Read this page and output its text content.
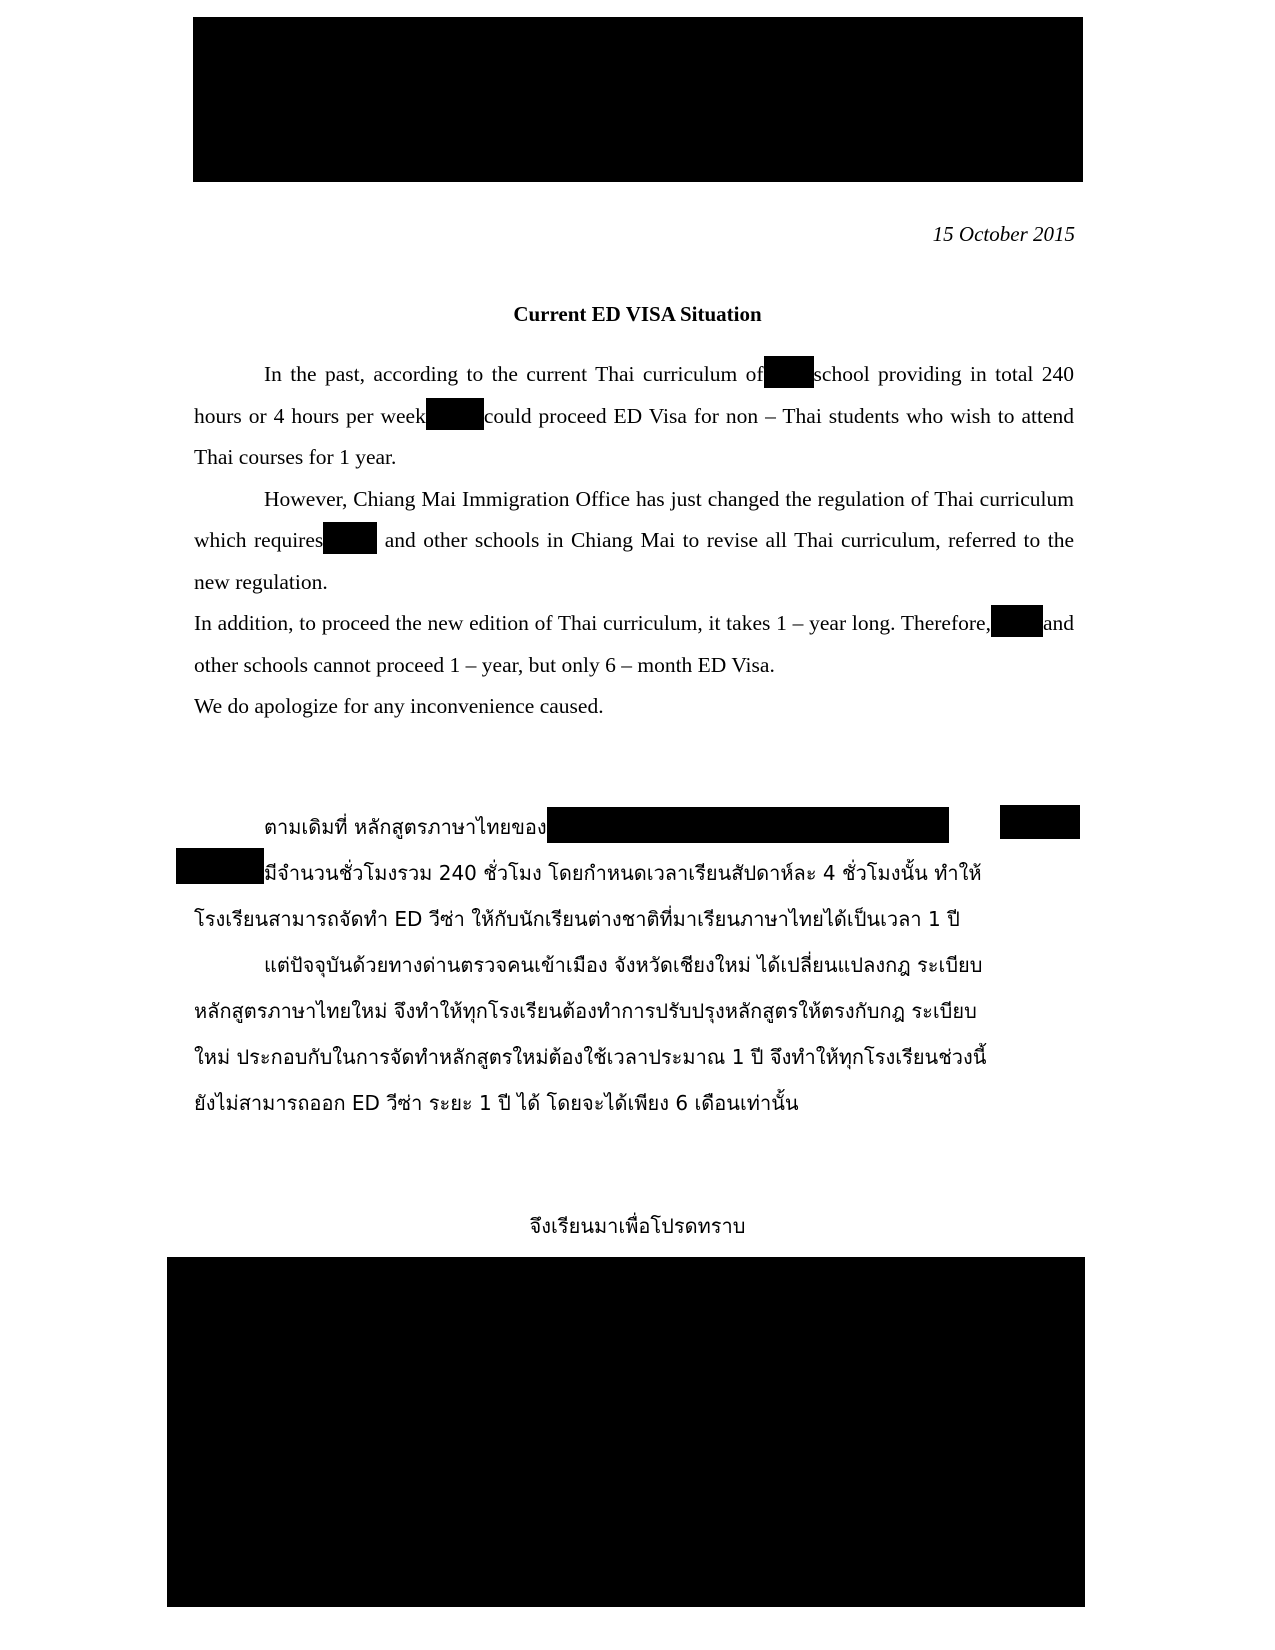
15 October 2015
Current ED VISA Situation

In the past, according to the current Thai curriculum of school providing in total 240 hours or 4 hours per week	could proceed ED Visa for non – Thai students who wish to attend Thai courses for 1 year.

However, Chiang Mai Immigration Office has just changed the regulation of Thai curriculum which requires	and other schools in Chiang Mai to revise all Thai curriculum, referred to the new regulation.

In addition, to proceed the new edition of Thai curriculum, it takes 1 – year long. Therefore, and other schools cannot proceed 1 – year, but only 6 – month ED Visa.
We do apologize for any inconvenience caused.

ตามเดิมที่ หลักสูตรภาษาไทยของ

มีจำนวนชั่วโมงรวม 240 ชั่วโมง โดยกำหนดเวลาเรียนสัปดาห์ละ 4 ชั่วโมงนั้น ทำให้

โรงเรียนสามารถจัดทำ ED วีซ่า ให้กับนักเรียนต่างชาติที่มาเรียนภาษาไทยได้เป็นเวลา 1 ปี

แต่ปัจจุบันด้วยทางด่านตรวจคนเข้าเมือง จังหวัดเชียงใหม่ ได้เปลี่ยนแปลงกฎ ระเบียบ

หลักสูตรภาษาไทยใหม่ จึงทำให้ทุกโรงเรียนต้องทำการปรับปรุงหลักสูตรให้ตรงกับกฎ ระเบียบ

ใหม่ ประกอบกับในการจัดทำหลักสูตรใหม่ต้องใช้เวลาประมาณ 1 ปี จึงทำให้ทุกโรงเรียนช่วงนี้

ยังไม่สามารถออก ED วีซ่า ระยะ 1 ปี ได้ โดยจะได้เพียง 6 เดือนเท่านั้น

จึงเรียนมาเพื่อโปรดทราบ
